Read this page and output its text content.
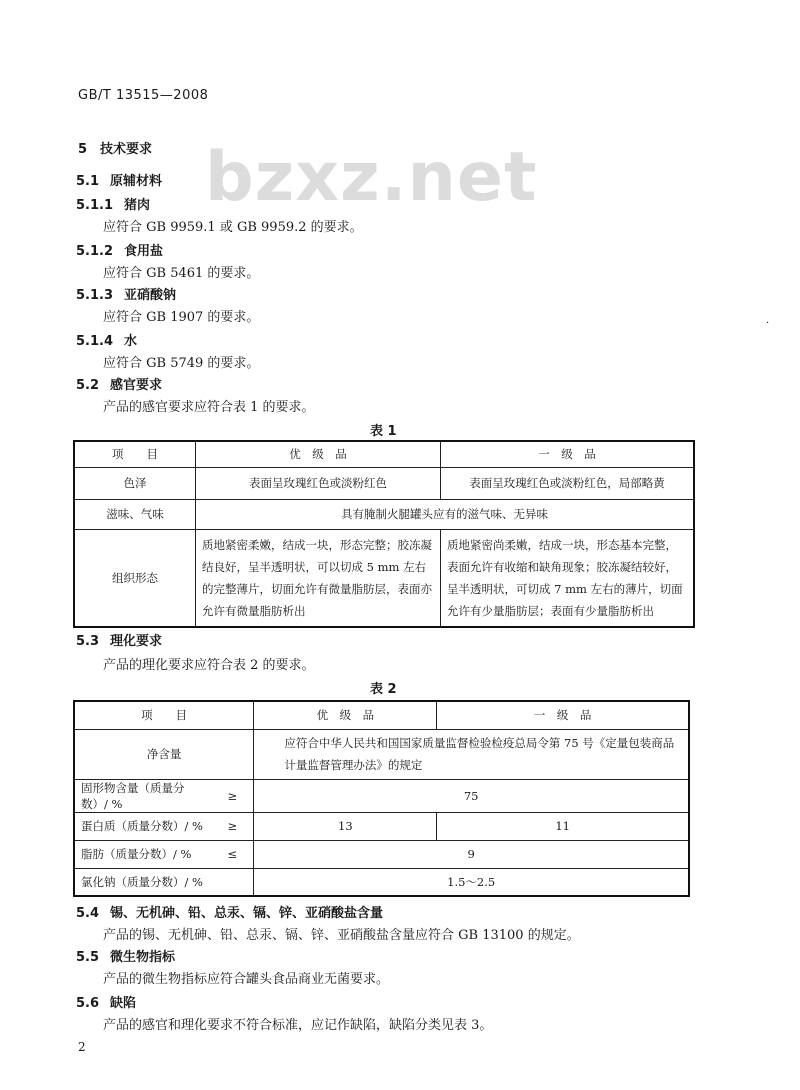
GB/T 13515—2008
bzxz.net
5 技术要求
5.1 原辅材料
5.1.1 猪肉
应符合 GB 9959.1 或 GB 9959.2 的要求。
5.1.2 食用盐
应符合 GB 5461 的要求。
5.1.3 亚硝酸钠
应符合 GB 1907 的要求。
5.1.4 水
应符合 GB 5749 的要求。
5.2 感官要求
产品的感官要求应符合表 1 的要求。
表 1
项　　目	优　级　品	一　级　品
色泽	表面呈玫瑰红色或淡粉红色	表面呈玫瑰红色或淡粉红色，局部略黄
滋味、气味	具有腌制火腿罐头应有的滋气味、无异味	
组织形态	质地紧密柔嫩，结成一块，形态完整；胶冻凝结良好，呈半透明状，可以切成 5 mm 左右的完整薄片，切面允许有微量脂肪层，表面亦允许有微量脂肪析出	质地紧密尚柔嫩，结成一块，形态基本完整，表面允许有收缩和缺角现象；胶冻凝结较好，呈半透明状，可切成 7 mm 左右的薄片，切面允许有少量脂肪层；表面有少量脂肪析出
5.3 理化要求
产品的理化要求应符合表 2 的要求。
表 2
项　　目		优　级　品	一　级　品
净含量		应符合中华人民共和国国家质量监督检验检疫总局令第 75 号《定量包装商品计量监督管理办法》的规定	
固形物含量（质量分数）/ %	≥	75	
蛋白质（质量分数）/ %	≥	13	11
脂肪（质量分数）/ %	≤	9	
氯化钠（质量分数）/ %		1.5～2.5	
5.4 锡、无机砷、铅、总汞、镉、锌、亚硝酸盐含量
产品的锡、无机砷、铅、总汞、镉、锌、亚硝酸盐含量应符合 GB 13100 的规定。
5.5 微生物指标
产品的微生物指标应符合罐头食品商业无菌要求。
5.6 缺陷
产品的感官和理化要求不符合标准，应记作缺陷，缺陷分类见表 3。
2
·
